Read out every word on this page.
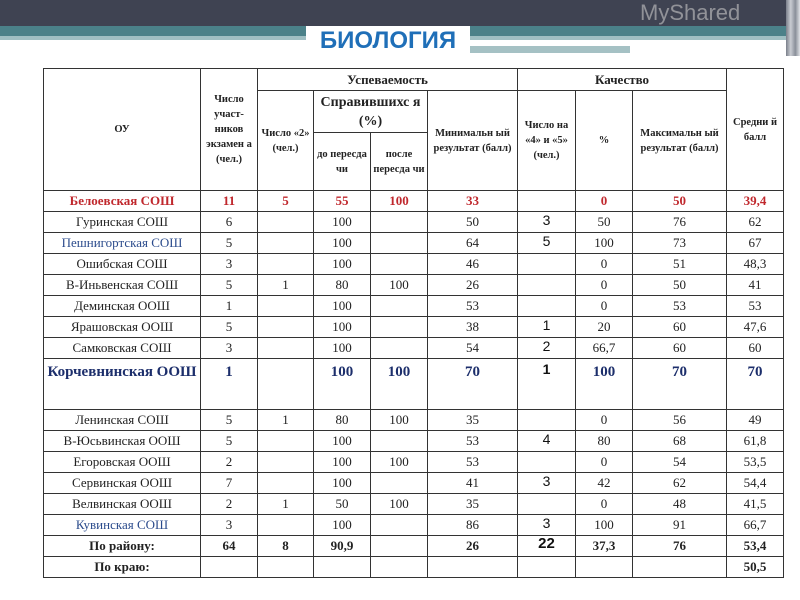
БИОЛОГИЯ
ОУ	Число участ-ников экзамен а (чел.)	Успеваемость				Качество			Средни й балл
		Число «2» (чел.)	Справившихс я (%)		Минимальн ый результат (балл)	Число на «4» и «5» (чел.)	%	Максимальн ый результат (балл)	
			до пересда чи	после пересда чи					
Белоевская СОШ	11	5	55	100	33		0	50	39,4
Гуринская СОШ	6		100		50	3	50	76	62
Пешнигортская СОШ	5		100		64	5	100	73	67
Ошибская СОШ	3		100		46		0	51	48,3
В-Иньвенская СОШ	5	1	80	100	26		0	50	41
Деминская ООШ	1		100		53		0	53	53
Ярашовская ООШ	5		100		38	1	20	60	47,6
Самковская СОШ	3		100		54	2	66,7	60	60
Корчевнинская ООШ	1		100	100	70	1	100	70	70
Ленинская СОШ	5	1	80	100	35		0	56	49
В-Юсьвинская ООШ	5		100		53	4	80	68	61,8
Егоровская ООШ	2		100	100	53		0	54	53,5
Сервинская ООШ	7		100		41	3	42	62	54,4
Велвинская ООШ	2	1	50	100	35		0	48	41,5
Кувинская СОШ	3		100		86	3	100	91	66,7
По району:	64	8	90,9		26	22	37,3	76	53,4
По краю:									50,5
MyShared
